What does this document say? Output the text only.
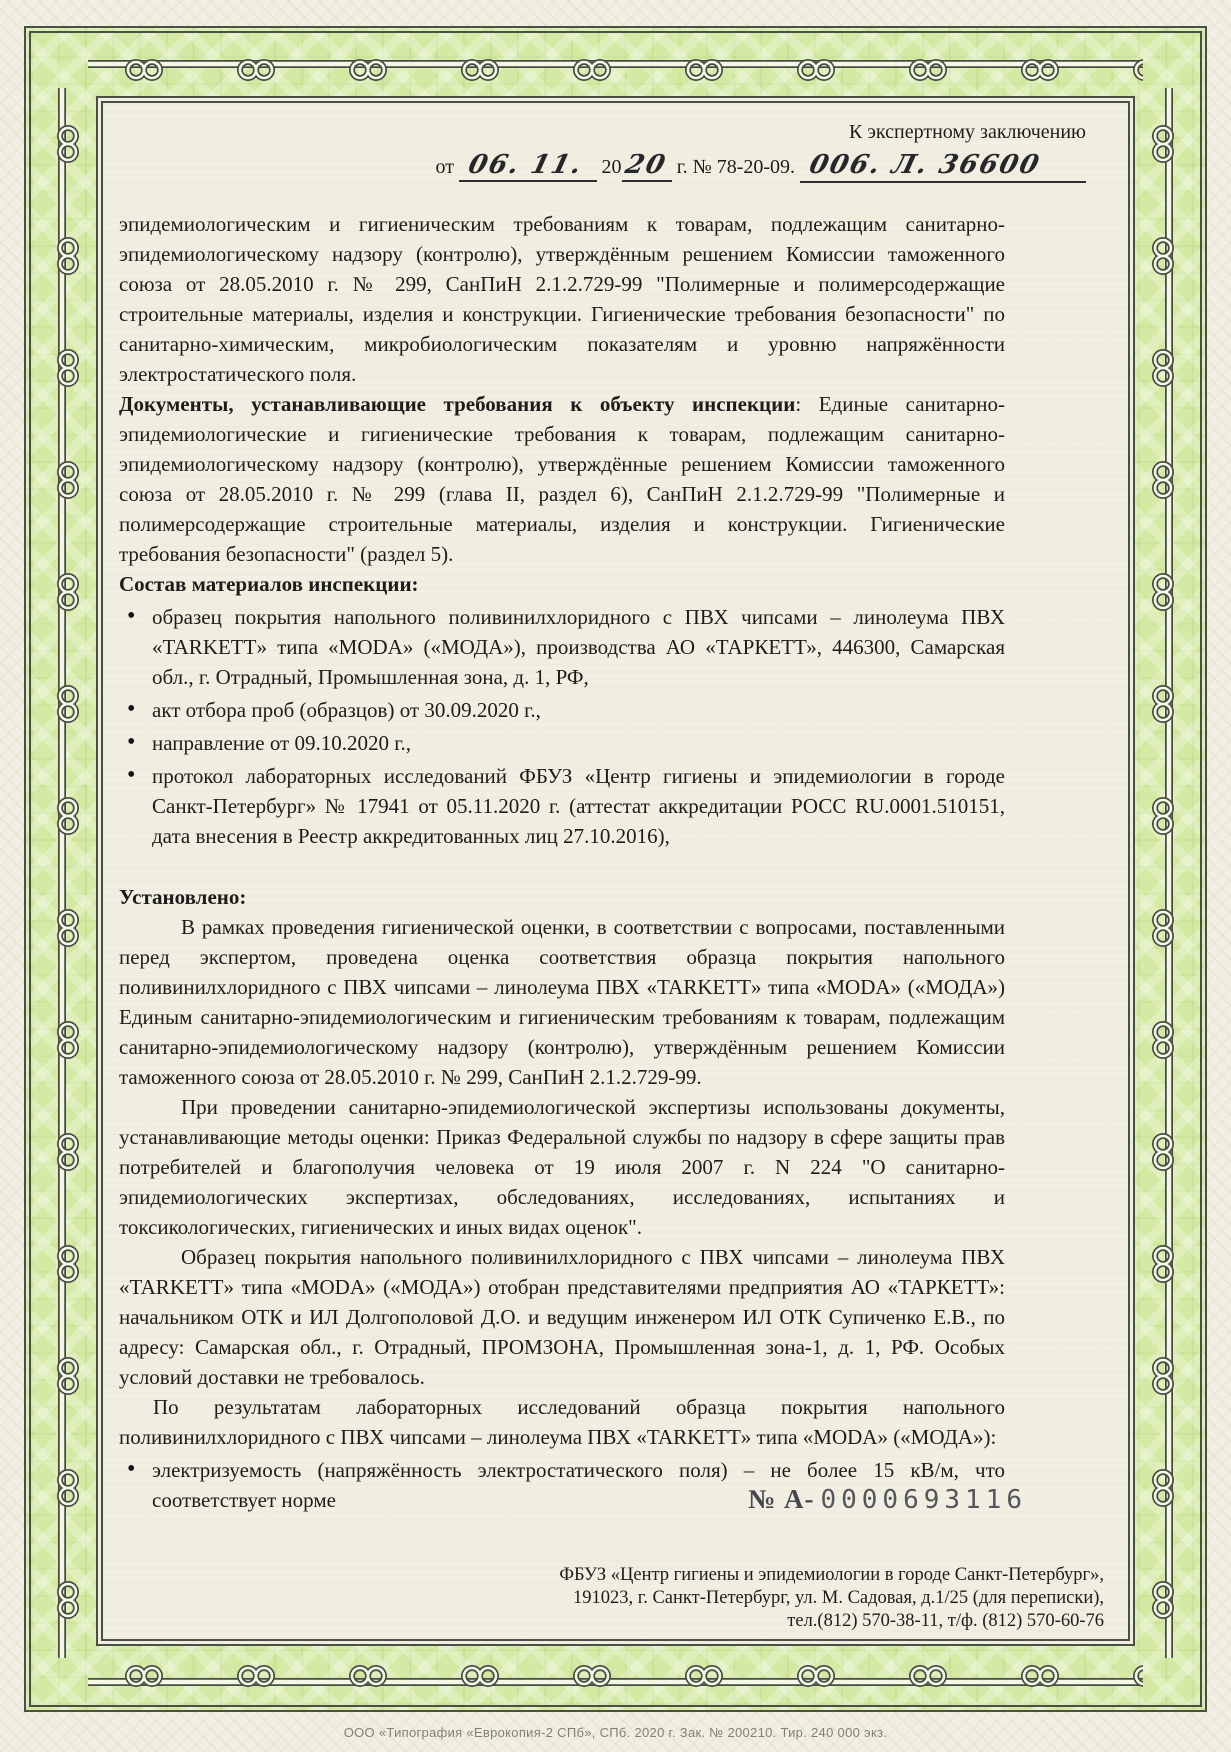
К экспертному заключению
от 06. 11. 2020 г. № 78-20-09. 006. Л. 36600

эпидемиологическим и гигиеническим требованиям к товарам, подлежащим санитарно-эпидемиологическому надзору (контролю), утверждённым решением Комиссии таможенного союза от 28.05.2010 г. № 299, СанПиН 2.1.2.729-99 "Полимерные и полимерсодержащие строительные материалы, изделия и конструкции. Гигиенические требования безопасности" по санитарно-химическим, микробиологическим показателям и уровню напряжённости электростатического поля.

Документы, устанавливающие требования к объекту инспекции: Единые санитарно-эпидемиологические и гигиенические требования к товарам, подлежащим санитарно-эпидемиологическому надзору (контролю), утверждённые решением Комиссии таможенного союза от 28.05.2010 г. № 299 (глава II, раздел 6), СанПиН 2.1.2.729-99 "Полимерные и полимерсодержащие строительные материалы, изделия и конструкции. Гигиенические требования безопасности" (раздел 5).

Состав материалов инспекции:

• образец покрытия напольного поливинилхлоридного с ПВХ чипсами – линолеума ПВХ «TARKETT» типа «MODA» («МОДА»), производства АО «ТАРКЕТТ», 446300, Самарская обл., г. Отрадный, Промышленная зона, д. 1, РФ,
• акт отбора проб (образцов) от 30.09.2020 г.,
• направление от 09.10.2020 г.,
• протокол лабораторных исследований ФБУЗ «Центр гигиены и эпидемиологии в городе Санкт-Петербург» № 17941 от 05.11.2020 г. (аттестат аккредитации РОСС RU.0001.510151, дата внесения в Реестр аккредитованных лиц 27.10.2016),

Установлено:

В рамках проведения гигиенической оценки, в соответствии с вопросами, поставленными перед экспертом, проведена оценка соответствия образца покрытия напольного поливинилхлоридного с ПВХ чипсами – линолеума ПВХ «TARKETT» типа «MODA» («МОДА») Единым санитарно-эпидемиологическим и гигиеническим требованиям к товарам, подлежащим санитарно-эпидемиологическому надзору (контролю), утверждённым решением Комиссии таможенного союза от 28.05.2010 г. № 299, СанПиН 2.1.2.729-99.

При проведении санитарно-эпидемиологической экспертизы использованы документы, устанавливающие методы оценки: Приказ Федеральной службы по надзору в сфере защиты прав потребителей и благополучия человека от 19 июля 2007 г. N 224 "О санитарно-эпидемиологических экспертизах, обследованиях, исследованиях, испытаниях и токсикологических, гигиенических и иных видах оценок".

Образец покрытия напольного поливинилхлоридного с ПВХ чипсами – линолеума ПВХ «TARKETT» типа «MODA» («МОДА») отобран представителями предприятия АО «ТАРКЕТТ»: начальником ОТК и ИЛ Долгополовой Д.О. и ведущим инженером ИЛ ОТК Супиченко Е.В., по адресу: Самарская обл., г. Отрадный, ПРОМЗОНА, Промышленная зона-1, д. 1, РФ. Особых условий доставки не требовалось.

По результатам лабораторных исследований образца покрытия напольного поливинилхлоридного с ПВХ чипсами – линолеума ПВХ «TARKETT» типа «MODA» («МОДА»):

• электризуемость (напряжённость электростатического поля) – не более 15 кВ/м, что соответствует норме	№ А- 0000693116
ФБУЗ «Центр гигиены и эпидемиологии в городе Санкт-Петербург»,
191023, г. Санкт-Петербург, ул. М. Садовая, д.1/25 (для переписки),
тел.(812) 570-38-11, т/ф. (812) 570-60-76
ООО «Типография «Еврокопия-2 СПб», СПб. 2020 г. Зак. № 200210. Тир. 240 000 экз.
